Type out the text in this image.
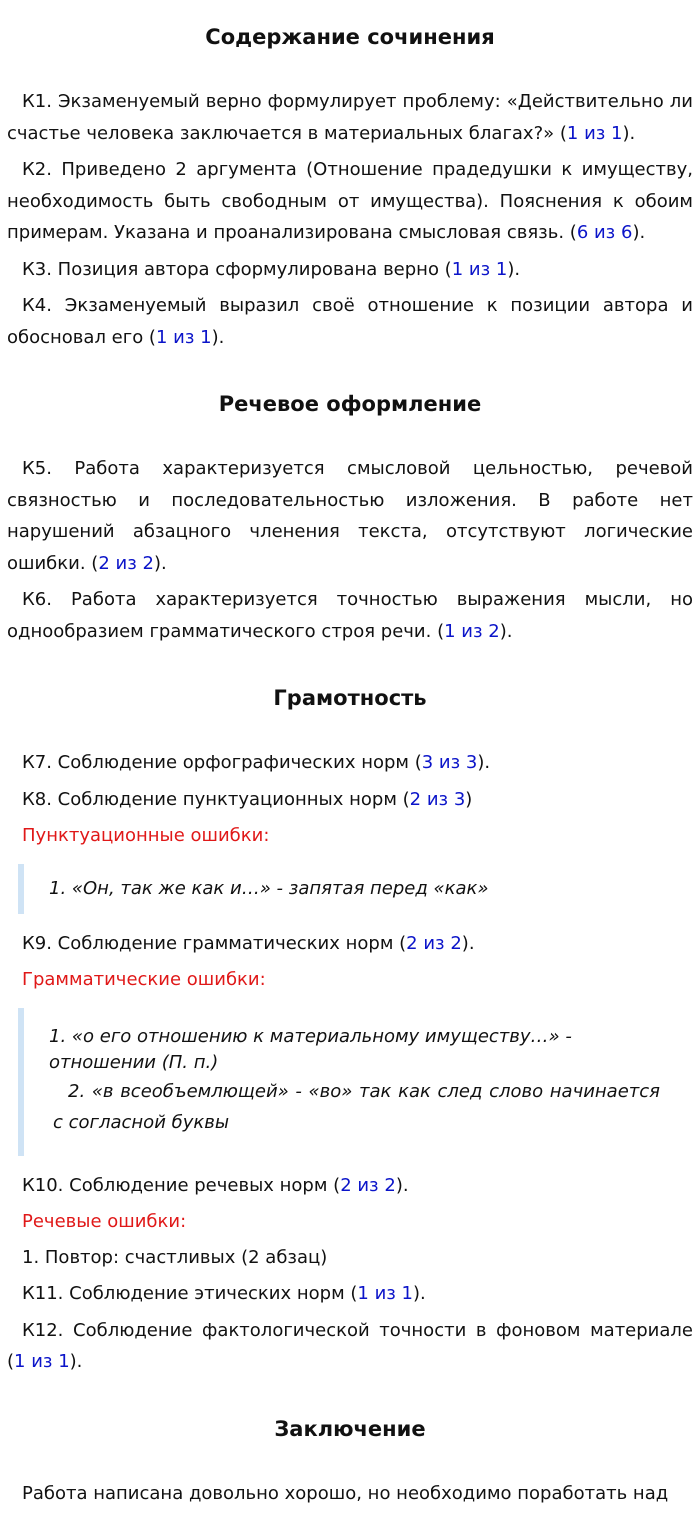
Содержание сочинения

К1. Экзаменуемый верно формулирует проблему: «Действительно ли счастье человека заключается в материальных благах?» (1 из 1).

К2. Приведено 2 аргумента (Отношение прадедушки к имуществу, необходимость быть свободным от имущества). Пояснения к обоим примерам. Указана и проанализирована смысловая связь. (6 из 6).

К3. Позиция автора сформулирована верно (1 из 1).

К4. Экзаменуемый выразил своё отношение к позиции автора и обосновал его (1 из 1).

Речевое оформление

К5. Работа характеризуется смысловой цельностью, речевой связностью и последовательностью изложения. В работе нет нарушений абзацного членения текста, отсутствуют логические ошибки. (2 из 2).

К6. Работа характеризуется точностью выражения мысли, но однообразием грамматического строя речи. (1 из 2).

Грамотность

К7. Соблюдение орфографических норм (3 из 3).

К8. Соблюдение пунктуационных норм (2 из 3)

Пунктуационные ошибки:
1. «Он, так же как и…» - запятая перед «как»

К9. Соблюдение грамматических норм (2 из 2).

Грамматические ошибки:
1. «о его отношению к материальному имуществу…» - отношении (П. п.)
2. «в всеобъемлющей» - «во» так как след слово начинается с согласной буквы

К10. Соблюдение речевых норм (2 из 2).

Речевые ошибки:

1. Повтор: счастливых (2 абзац)

К11. Соблюдение этических норм (1 из 1).

К12. Соблюдение фактологической точности в фоновом материале (1 из 1).

Заключение

Работа написана довольно хорошо, но необходимо поработать над
